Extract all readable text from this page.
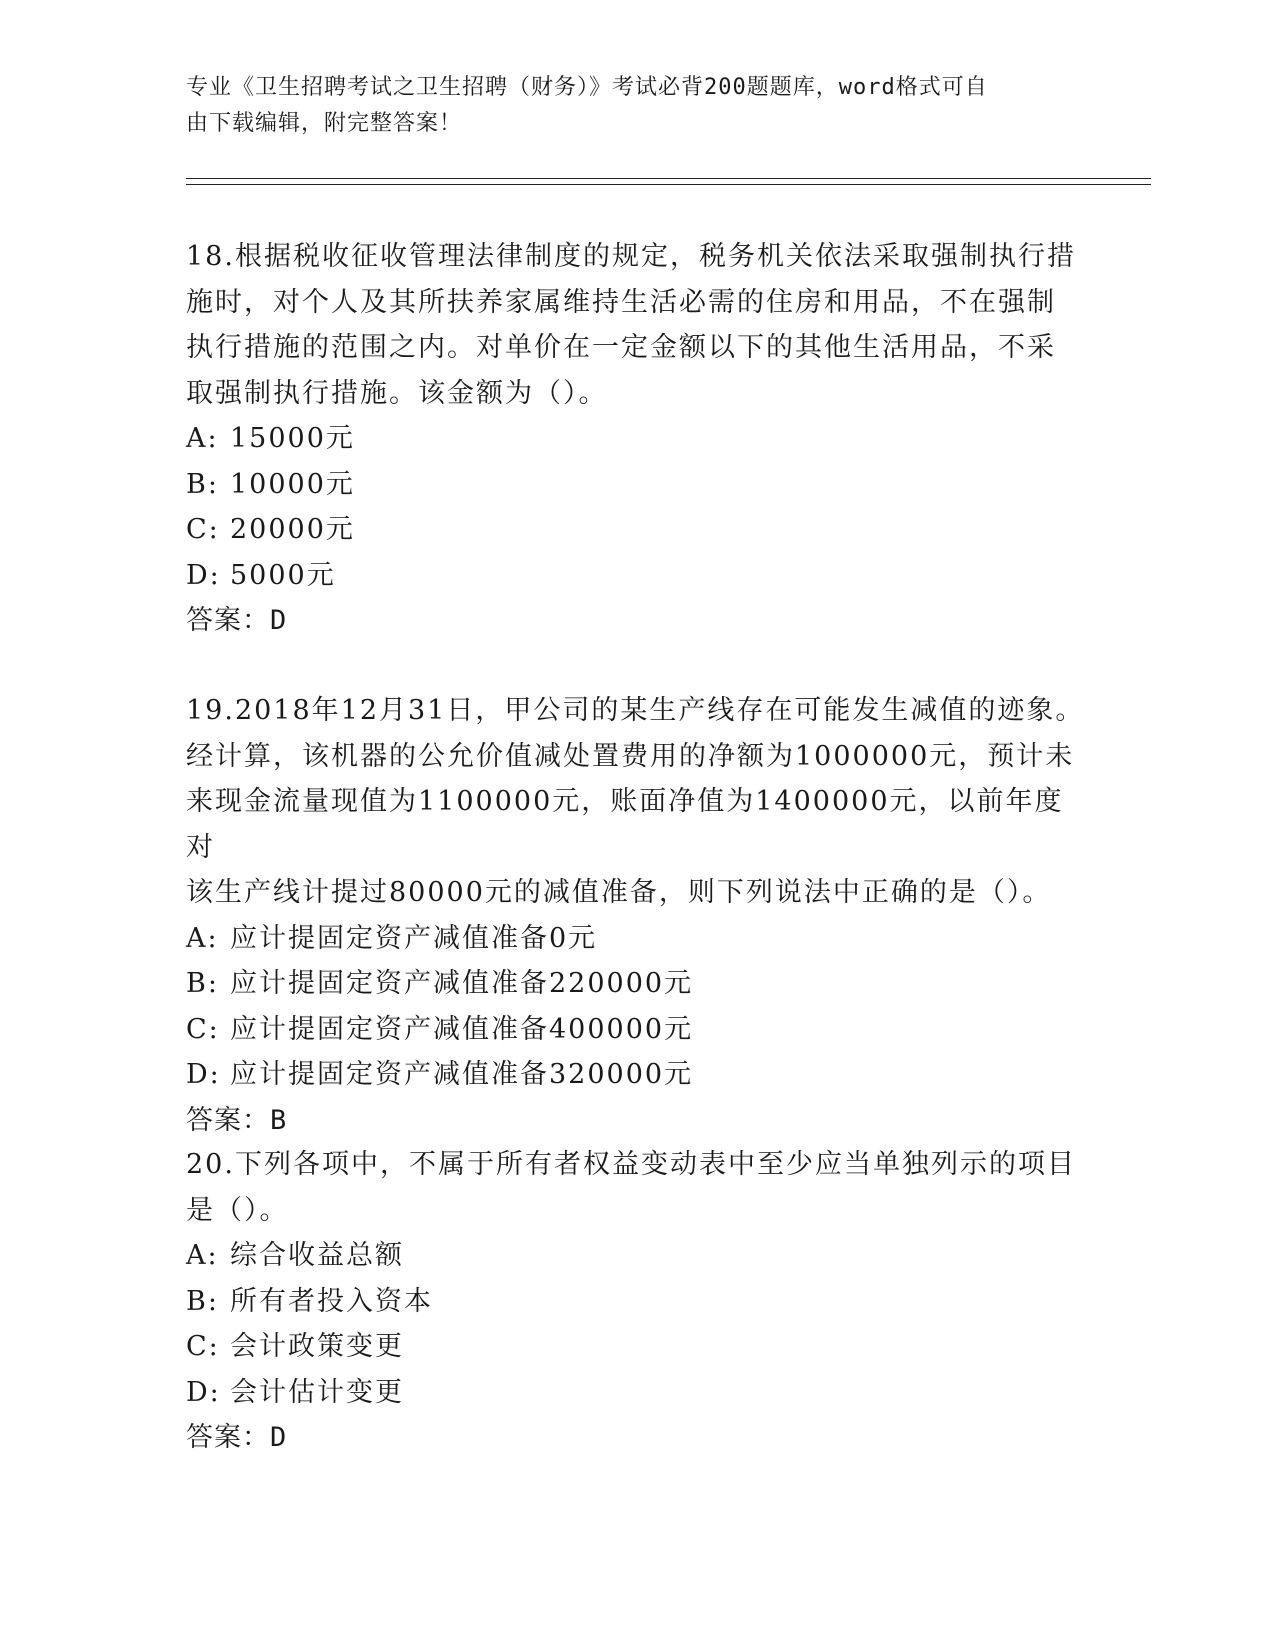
专业《卫生招聘考试之卫生招聘（财务）》考试必背200题题库，word格式可自
由下载编辑，附完整答案！

18.根据税收征收管理法律制度的规定，税务机关依法采取强制执行措

施时，对个人及其所扶养家属维持生活必需的住房和用品，不在强制

执行措施的范围之内。对单价在一定金额以下的其他生活用品，不采

取强制执行措施。该金额为（）。

A: 15000元

B: 10000元

C: 20000元

D: 5000元

答案：D

19.2018年12月31日，甲公司的某生产线存在可能发生减值的迹象。

经计算，该机器的公允价值减处置费用的净额为1000000元，预计未

来现金流量现值为1100000元，账面净值为1400000元，以前年度对

该生产线计提过80000元的减值准备，则下列说法中正确的是（）。

A: 应计提固定资产减值准备0元

B: 应计提固定资产减值准备220000元

C: 应计提固定资产减值准备400000元

D: 应计提固定资产减值准备320000元

答案：B

20.下列各项中，不属于所有者权益变动表中至少应当单独列示的项目

是（）。

A: 综合收益总额

B: 所有者投入资本

C: 会计政策变更

D: 会计估计变更

答案：D
